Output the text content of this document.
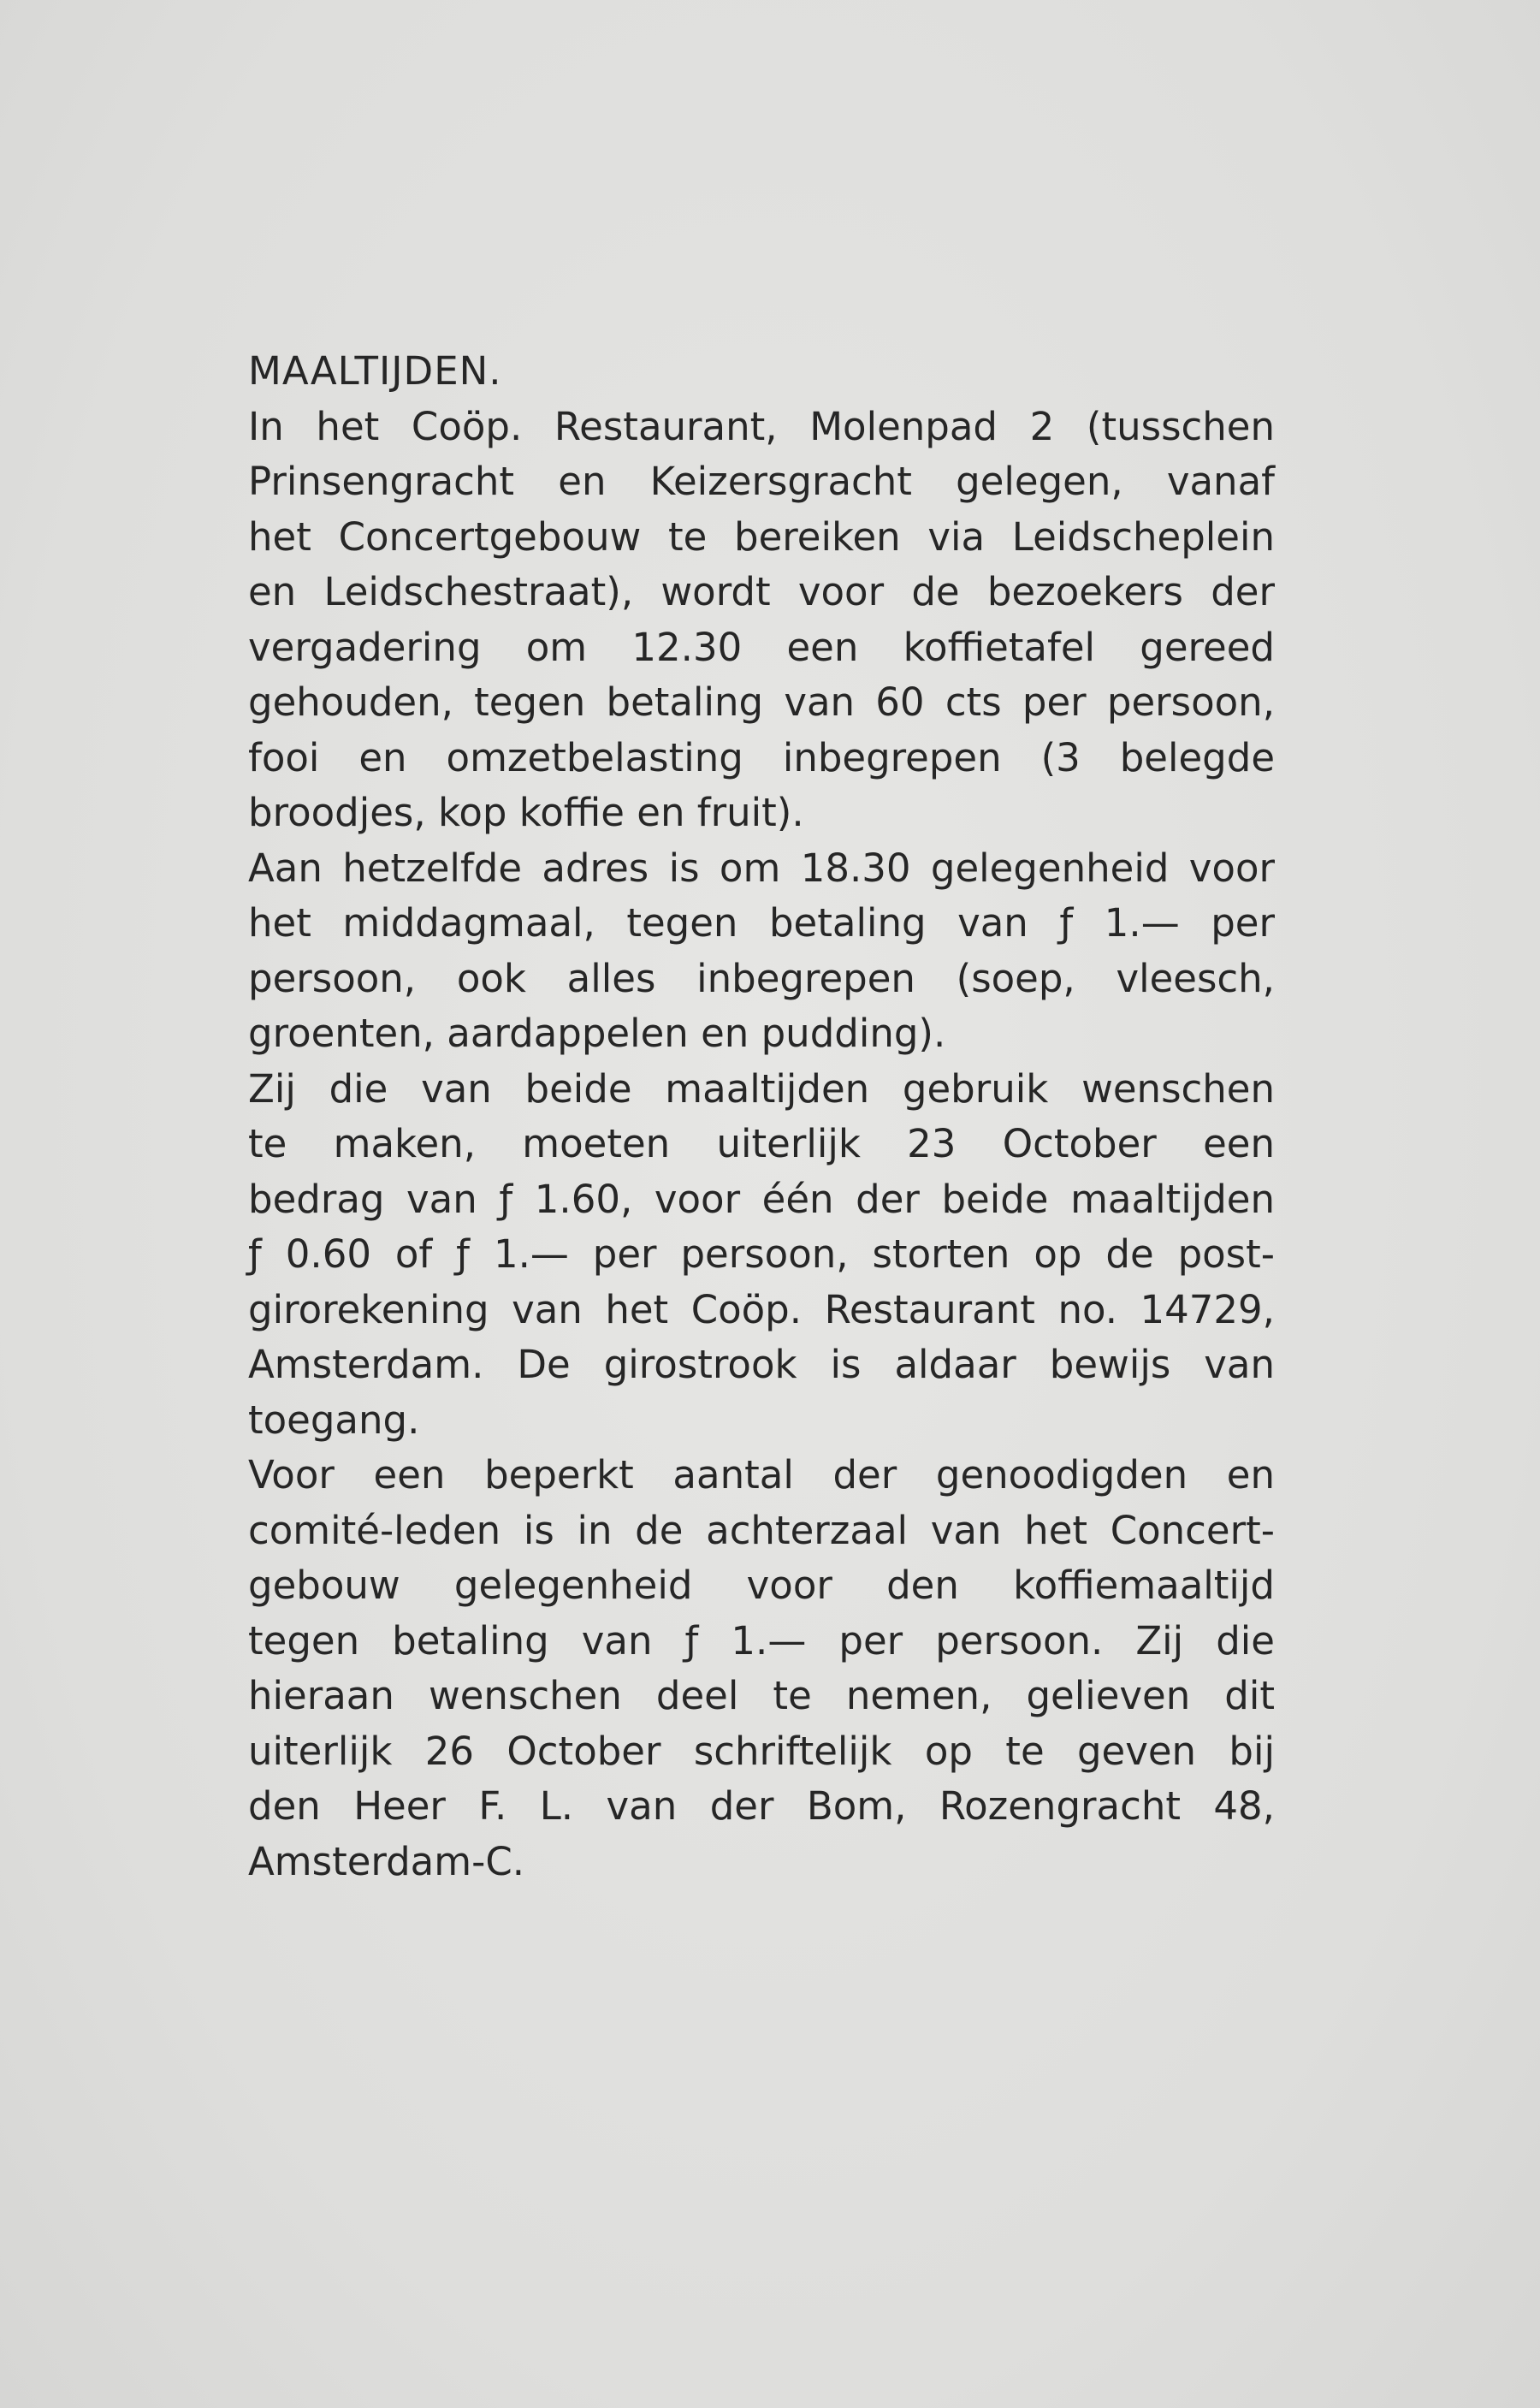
MAALTIJDEN.
In het Coöp. Restaurant, Molenpad 2 (tusschen
Prinsengracht en Keizersgracht gelegen, vanaf
het Concertgebouw te bereiken via Leidscheplein
en Leidschestraat), wordt voor de bezoekers der
vergadering om 12.30 een koffietafel gereed
gehouden, tegen betaling van 60 cts per persoon,
fooi en omzetbelasting inbegrepen (3 belegde
broodjes, kop koffie en fruit).
Aan hetzelfde adres is om 18.30 gelegenheid voor
het middagmaal, tegen betaling van ƒ 1.— per
persoon, ook alles inbegrepen (soep, vleesch,
groenten, aardappelen en pudding).
Zij die van beide maaltijden gebruik wenschen
te maken, moeten uiterlijk 23 October een
bedrag van ƒ 1.60, voor één der beide maaltijden
ƒ 0.60 of ƒ 1.— per persoon, storten op de post-
girorekening van het Coöp. Restaurant no. 14729,
Amsterdam. De girostrook is aldaar bewijs van
toegang.
Voor een beperkt aantal der genoodigden en
comité-leden is in de achterzaal van het Concert-
gebouw gelegenheid voor den koffiemaaltijd
tegen betaling van ƒ 1.— per persoon. Zij die
hieraan wenschen deel te nemen, gelieven dit
uiterlijk 26 October schriftelijk op te geven bij
den Heer F. L. van der Bom, Rozengracht 48,
Amsterdam-C.
